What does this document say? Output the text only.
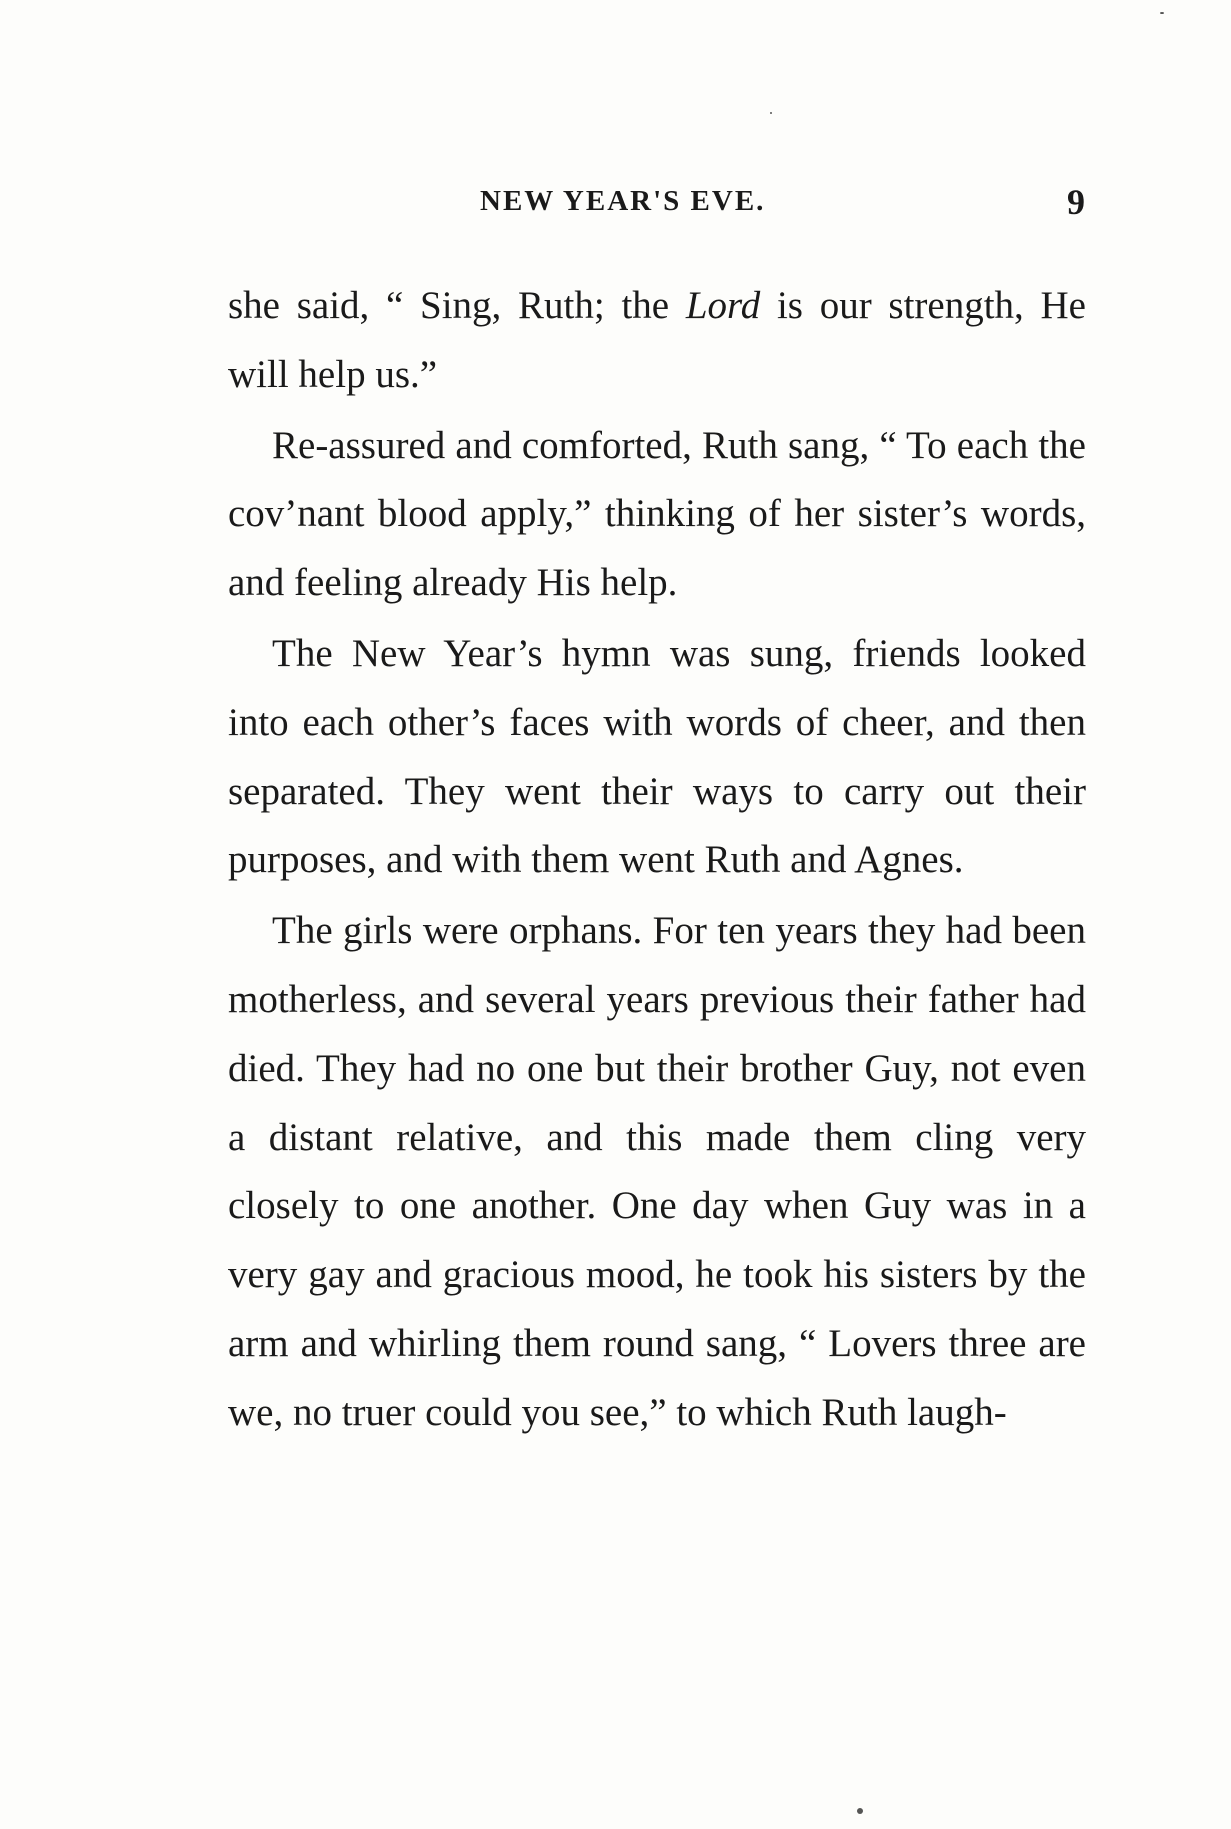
NEW YEAR'S EVE.	9

she said, “ Sing, Ruth; the Lord is our strength, He will help us.”

Re-assured and comforted, Ruth sang, “ To each the cov’nant blood apply,” thinking of her sister’s words, and feeling already His help.

The New Year’s hymn was sung, friends looked into each other’s faces with words of cheer, and then separated. They went their ways to carry out their purposes, and with them went Ruth and Agnes.

The girls were orphans. For ten years they had been motherless, and several years previous their father had died. They had no one but their brother Guy, not even a distant relative, and this made them cling very closely to one another. One day when Guy was in a very gay and gracious mood, he took his sisters by the arm and whirling them round sang, “ Lovers three are we, no truer could you see,” to which Ruth laugh-
